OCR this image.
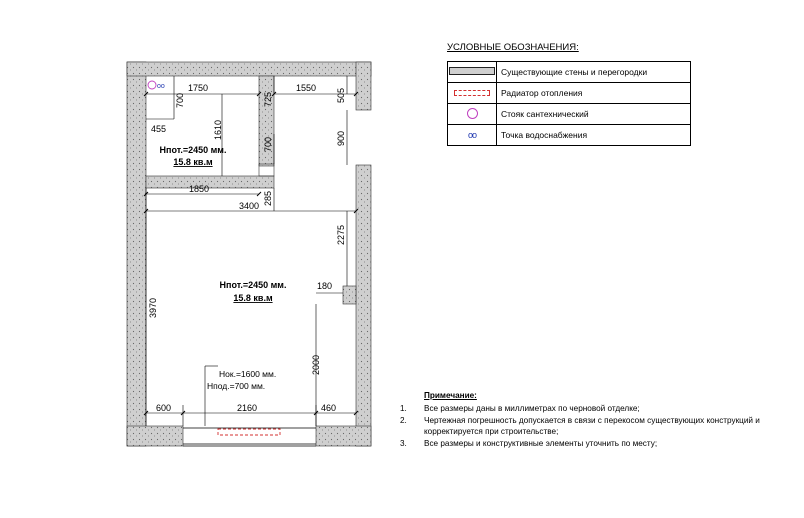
oo	1750
700
455	1610
725
1550 505
700	900
285
1850
3400
2275
180
3970
2000
600	2160	460
Нпот.=2450 мм.
15.8 кв.м
Нпот.=2450 мм.
15.8 кв.м
Нок.=1600 мм.
Нпод.=700 мм.
УСЛОВНЫЕ ОБОЗНАЧЕНИЯ:
	Существующие стены и перегородки
	Радиатор отопления
	Стояк сантехнический
oo	Точка водоснабжения
Примечание:
1.	Все размеры даны в миллиметрах по черновой отделке;
2.	Чертежная погрешность допускается в связи с перекосом существующих конструкций и корректируется при строительстве;
3.	Все размеры и конструктивные элементы уточнить по месту;
